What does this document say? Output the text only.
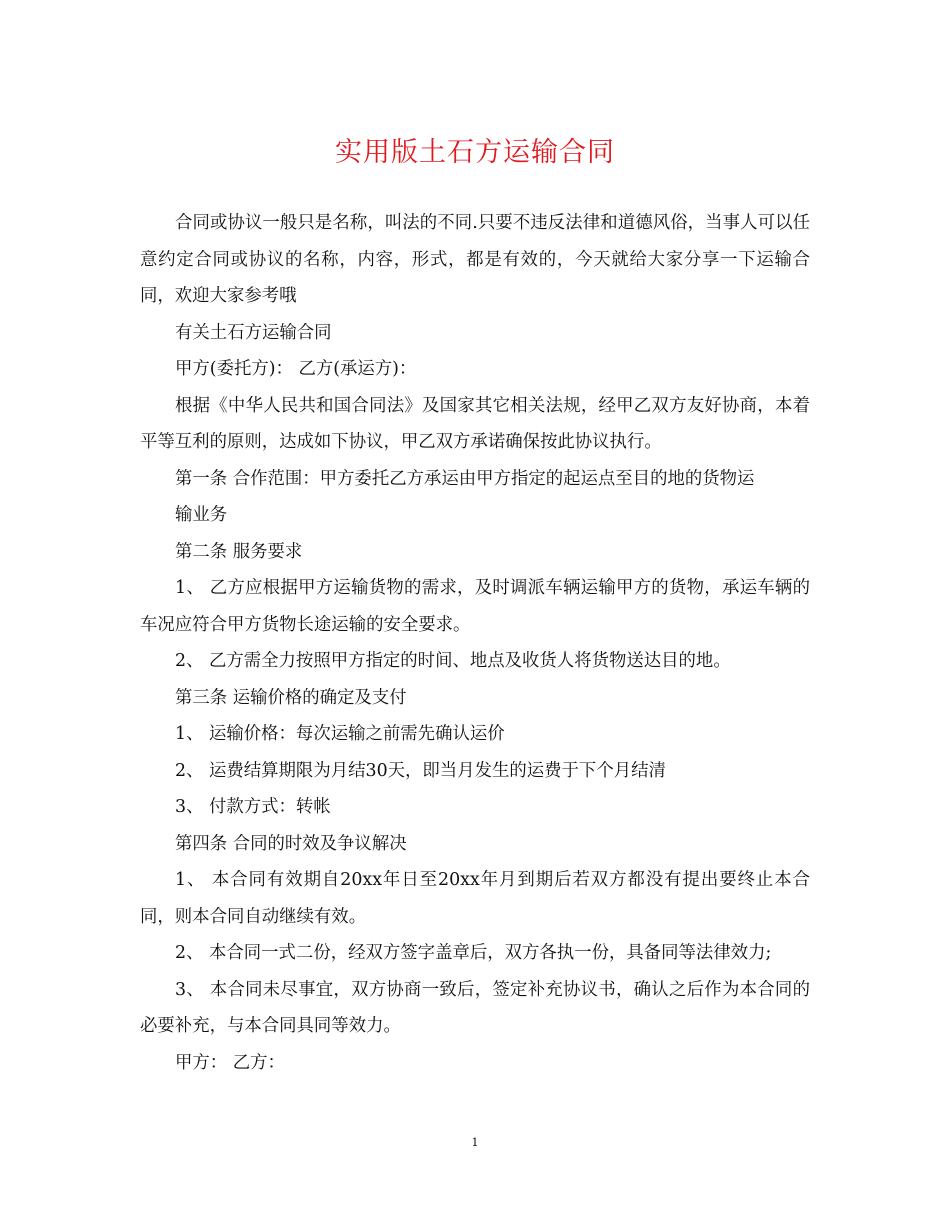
实用版土石方运输合同

合同或协议一般只是名称，叫法的不同.只要不违反法律和道德风俗，当事人可以任意约定合同或协议的名称，内容，形式，都是有效的，今天就给大家分享一下运输合同，欢迎大家参考哦

有关土石方运输合同

甲方(委托方)： 乙方(承运方)：

根据《中华人民共和国合同法》及国家其它相关法规，经甲乙双方友好协商，本着平等互利的原则，达成如下协议，甲乙双方承诺确保按此协议执行。

第一条 合作范围：甲方委托乙方承运由甲方指定的起运点至目的地的货物运

输业务

第二条 服务要求

1、 乙方应根据甲方运输货物的需求，及时调派车辆运输甲方的货物，承运车辆的车况应符合甲方货物长途运输的安全要求。

2、 乙方需全力按照甲方指定的时间、地点及收货人将货物送达目的地。

第三条 运输价格的确定及支付

1、 运输价格：每次运输之前需先确认运价

2、 运费结算期限为月结30天，即当月发生的运费于下个月结清

3、 付款方式：转帐

第四条 合同的时效及争议解决

1、 本合同有效期自20xx年日至20xx年月到期后若双方都没有提出要终止本合同，则本合同自动继续有效。

2、 本合同一式二份，经双方签字盖章后，双方各执一份，具备同等法律效力;

3、 本合同未尽事宜，双方协商一致后，签定补充协议书，确认之后作为本合同的必要补充，与本合同具同等效力。

甲方： 乙方：

1
